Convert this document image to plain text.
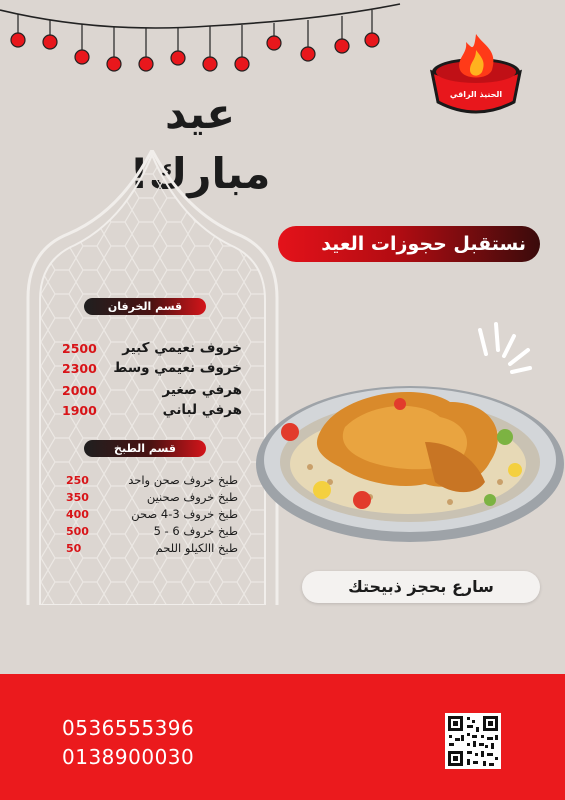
الحنيذ الراقي
عيد مبارك!
نستقبل حجوزات العيد
قسم الخرفان
2500 خروف نعيمي كبير
2300 خروف نعيمي وسط
2000	هرفي صغير
1900	هرفي لباني
قسم الطبخ
250	طبخ خروف صحن واحد
350	طبخ خروف صحنين
400	طبخ خروف 3-4 صحن
500	طبخ خروف 6 - 5
50	طبخ االكيلو اللحم
سارع بحجز ذبيحتك
0536555396
0138900030
